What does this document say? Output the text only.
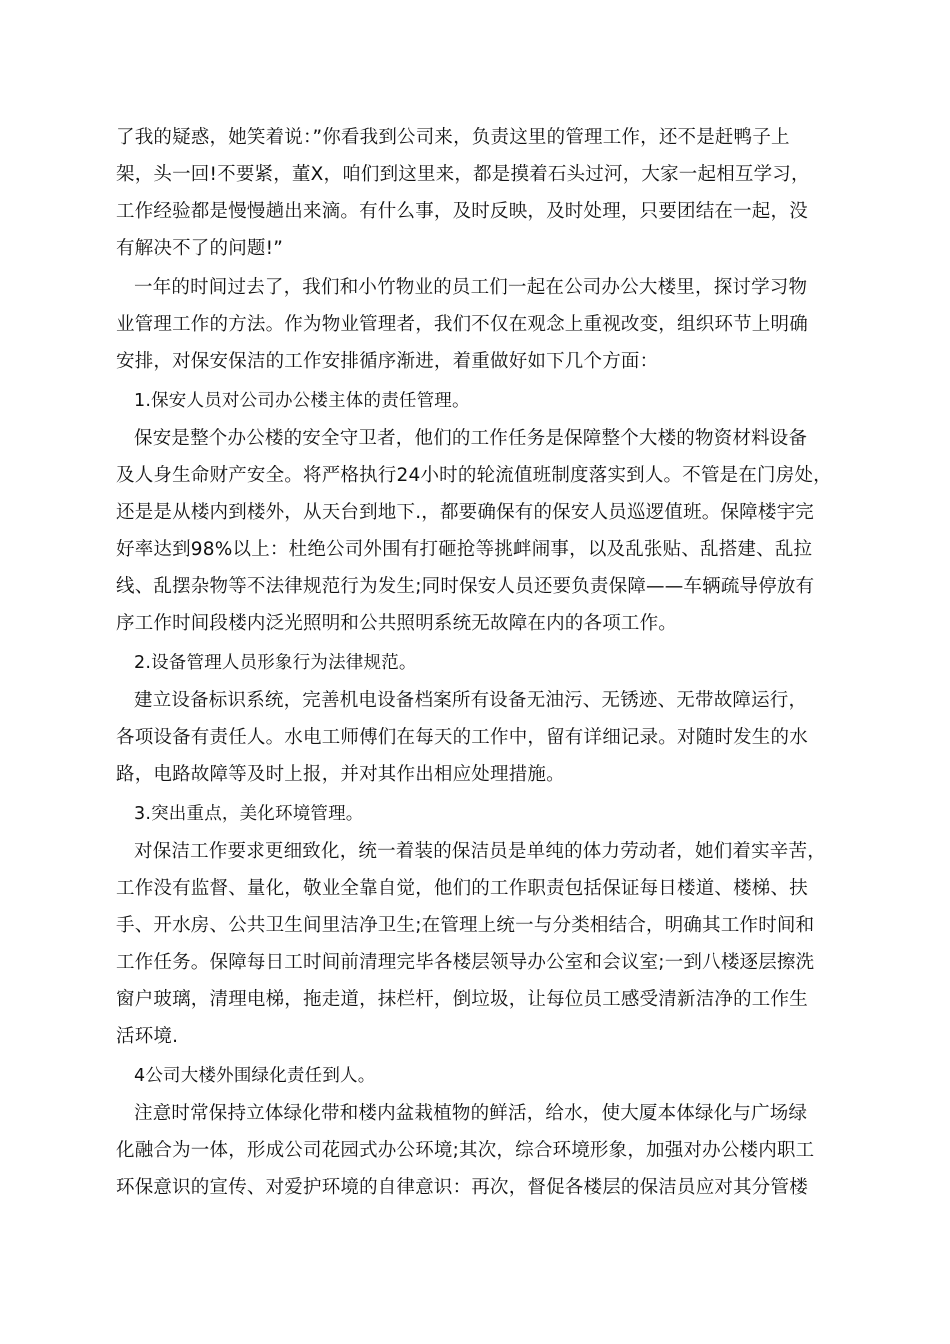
了我的疑惑，她笑着说：”你看我到公司来，负责这里的管理工作，还不是赶鸭子上
架，头一回!不要紧，董X，咱们到这里来，都是摸着石头过河，大家一起相互学习，
工作经验都是慢慢趟出来滴。有什么事，及时反映，及时处理，只要团结在一起，没
有解决不了的问题!”
一年的时间过去了，我们和小竹物业的员工们一起在公司办公大楼里，探讨学习物
业管理工作的方法。作为物业管理者，我们不仅在观念上重视改变，组织环节上明确
安排，对保安保洁的工作安排循序渐进，着重做好如下几个方面：
1.保安人员对公司办公楼主体的责任管理。
保安是整个办公楼的安全守卫者，他们的工作任务是保障整个大楼的物资材料设备
及人身生命财产安全。将严格执行24小时的轮流值班制度落实到人。不管是在门房处，
还是是从楼内到楼外，从天台到地下.，都要确保有的保安人员巡逻值班。保障楼宇完
好率达到98%以上：杜绝公司外围有打砸抢等挑衅闹事，以及乱张贴、乱搭建、乱拉
线、乱摆杂物等不法律规范行为发生;同时保安人员还要负责保障——车辆疏导停放有
序工作时间段楼内泛光照明和公共照明系统无故障在内的各项工作。
2.设备管理人员形象行为法律规范。
建立设备标识系统，完善机电设备档案所有设备无油污、无锈迹、无带故障运行，
各项设备有责任人。水电工师傅们在每天的工作中，留有详细记录。对随时发生的水
路，电路故障等及时上报，并对其作出相应处理措施。
3.突出重点，美化环境管理。
对保洁工作要求更细致化，统一着装的保洁员是单纯的体力劳动者，她们着实辛苦，
工作没有监督、量化，敬业全靠自觉，他们的工作职责包括保证每日楼道、楼梯、扶
手、开水房、公共卫生间里洁净卫生;在管理上统一与分类相结合，明确其工作时间和
工作任务。保障每日工时间前清理完毕各楼层领导办公室和会议室;一到八楼逐层擦洗
窗户玻璃，清理电梯，拖走道，抹栏杆，倒垃圾，让每位员工感受清新洁净的工作生
活环境.
4公司大楼外围绿化责任到人。
注意时常保持立体绿化带和楼内盆栽植物的鲜活，给水，使大厦本体绿化与广场绿
化融合为一体，形成公司花园式办公环境;其次，综合环境形象，加强对办公楼内职工
环保意识的宣传、对爱护环境的自律意识：再次，督促各楼层的保洁员应对其分管楼
